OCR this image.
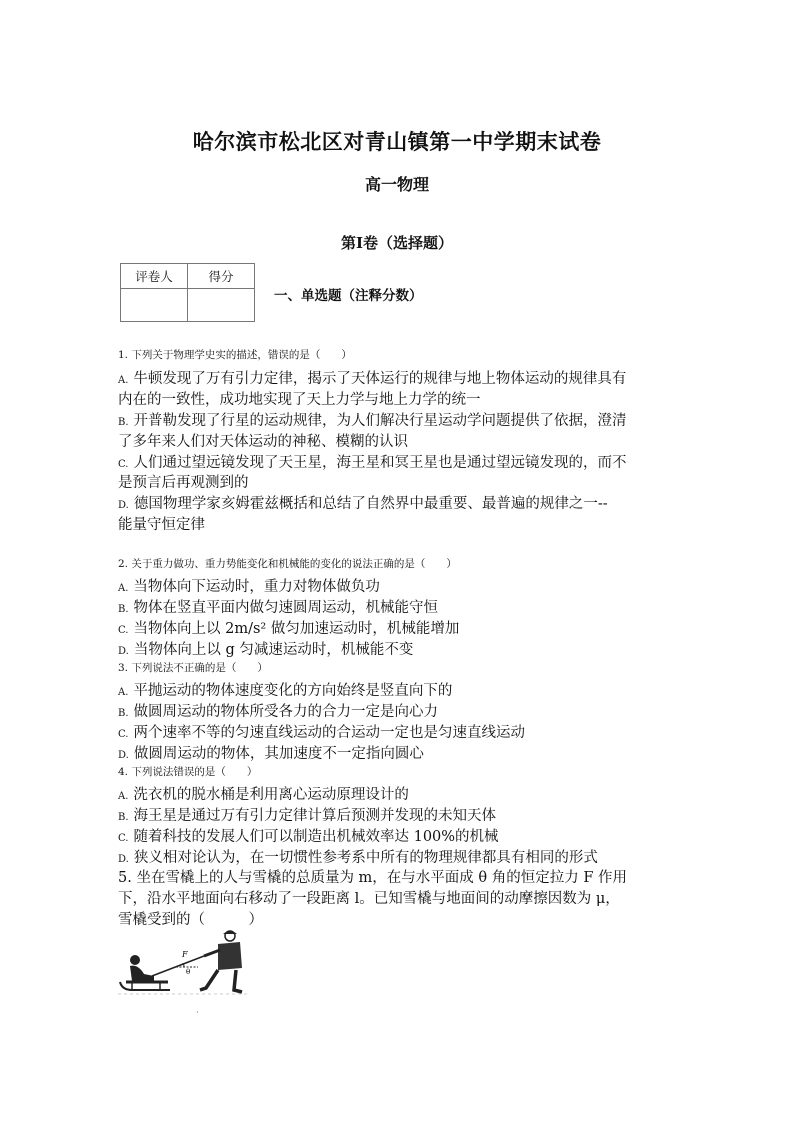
哈尔滨市松北区对青山镇第一中学期末试卷
高一物理
第Ⅰ卷（选择题）
评卷人	得分

一、单选题（注释分数）
1. 下列关于物理学史实的描述，错误的是（　　）
A. 牛顿发现了万有引力定律，揭示了天体运行的规律与地上物体运动的规律具有
内在的一致性，成功地实现了天上力学与地上力学的统一
B. 开普勒发现了行星的运动规律，为人们解决行星运动学问题提供了依据，澄清
了多年来人们对天体运动的神秘、模糊的认识
C. 人们通过望远镜发现了天王星，海王星和冥王星也是通过望远镜发现的，而不
是预言后再观测到的
D. 德国物理学家亥姆霍兹概括和总结了自然界中最重要、最普遍的规律之一--
能量守恒定律
2. 关于重力做功、重力势能变化和机械能的变化的说法正确的是（　　）
A. 当物体向下运动时，重力对物体做负功
B. 物体在竖直平面内做匀速圆周运动，机械能守恒
C. 当物体向上以 2m/s² 做匀加速运动时，机械能增加
D. 当物体向上以 g 匀减速运动时，机械能不变
3. 下列说法不正确的是（　　）
A. 平抛运动的物体速度变化的方向始终是竖直向下的
B. 做圆周运动的物体所受各力的合力一定是向心力
C. 两个速率不等的匀速直线运动的合运动一定也是匀速直线运动
D. 做圆周运动的物体，其加速度不一定指向圆心
4. 下列说法错误的是（　　）
A. 洗衣机的脱水桶是利用离心运动原理设计的
B. 海王星是通过万有引力定律计算后预测并发现的未知天体
C. 随着科技的发展人们可以制造出机械效率达 100%的机械
D. 狭义相对论认为，在一切惯性参考系中所有的物理规律都具有相同的形式
5. 坐在雪橇上的人与雪橇的总质量为 m，在与水平面成 θ 角的恒定拉力 F 作用
下，沿水平地面向右移动了一段距离 l。已知雪橇与地面间的动摩擦因数为 μ，
雪橇受到的（　　　）
F
θ
·
